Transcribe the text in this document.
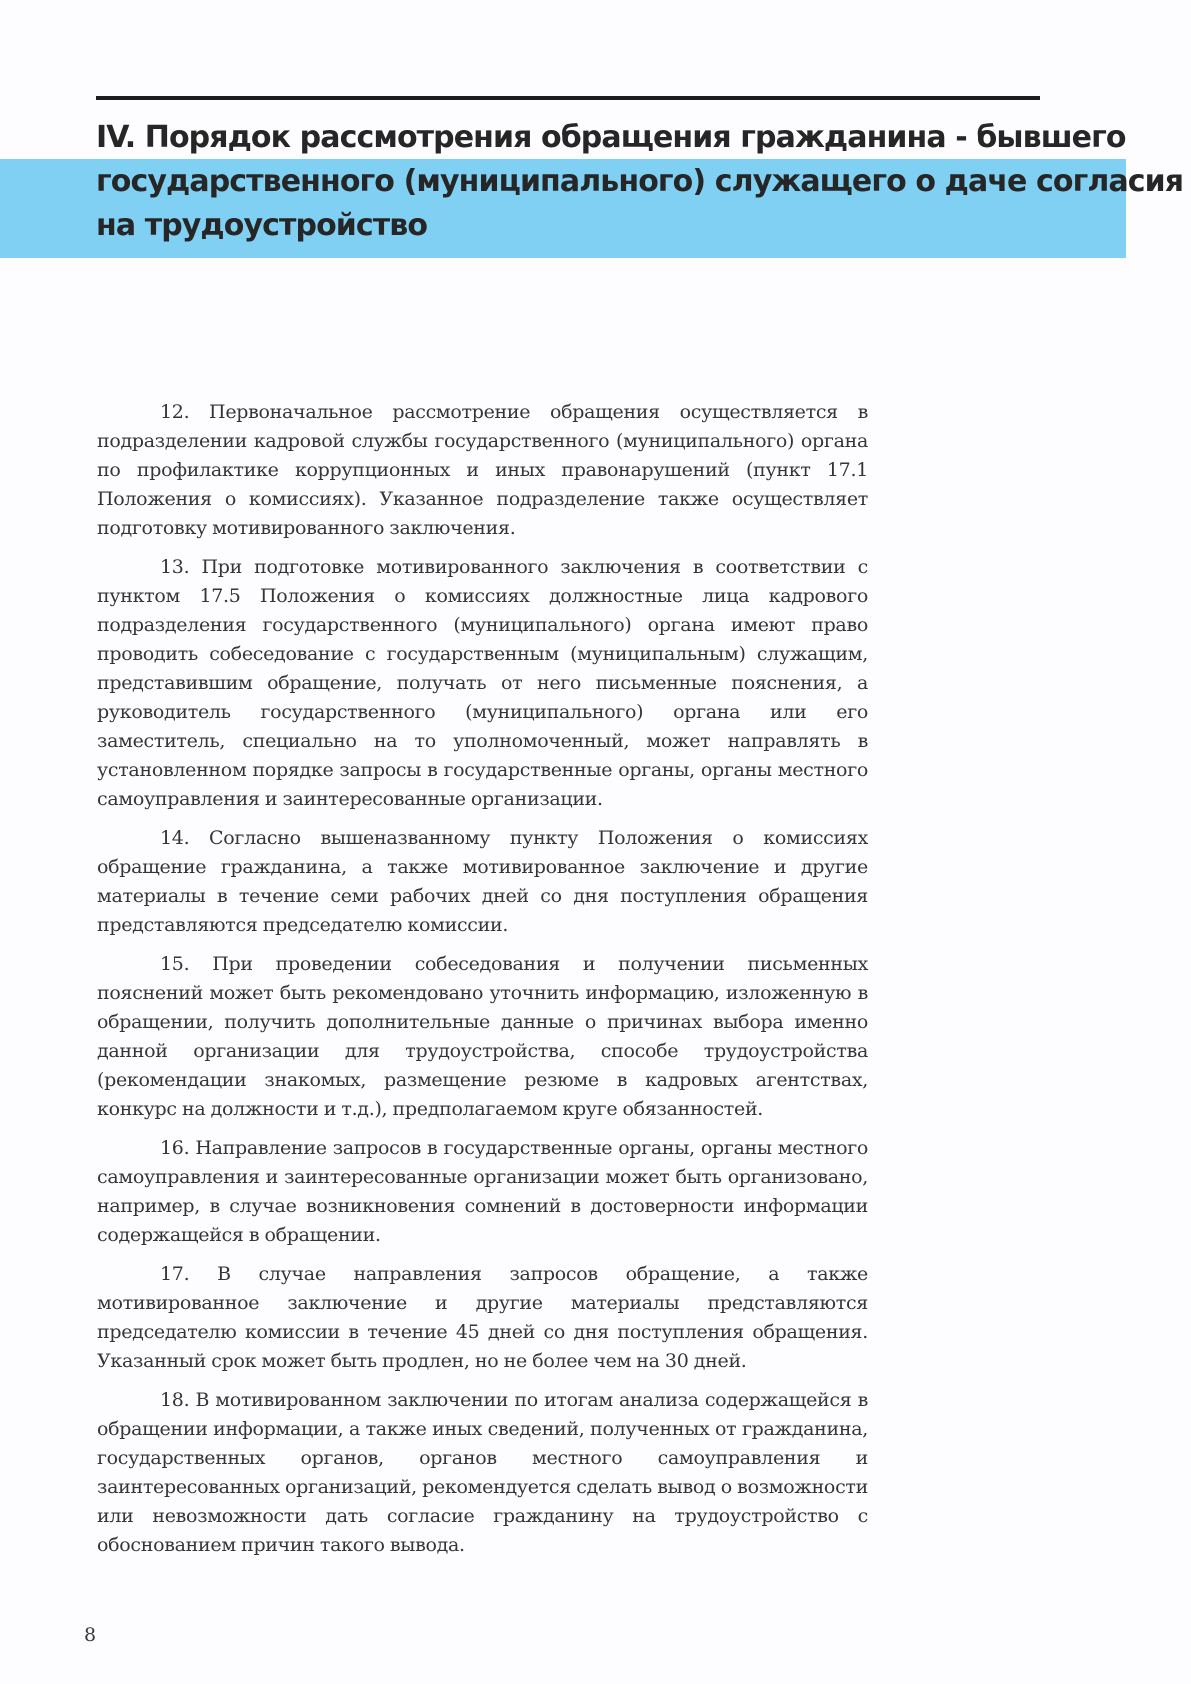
IV. Порядок рассмотрения обращения гражданина - бывшего
государственного (муниципального) служащего о даче согласия
на трудоустройство

12. Первоначальное рассмотрение обращения осуществляется в подразделении кадровой службы государственного (муниципального) органа по профилактике коррупционных и иных правонарушений (пункт 17.1 Положения о комиссиях). Указанное подразделение также осуществляет подготовку мотивированного заключения.

13. При подготовке мотивированного заключения в соответствии с пунктом 17.5 Положения о комиссиях должностные лица кадрового подразделения государственного (муниципального) органа имеют право проводить собеседование с государственным (муниципальным) служащим, представившим обращение, получать от него письменные пояснения, а руководитель государственного (муниципального) органа или его заместитель, специально на то уполномоченный, может направлять в установленном порядке запросы в государственные органы, органы местного самоуправления и заинтересованные организации.

14. Согласно вышеназванному пункту Положения о комиссиях обращение гражданина, а также мотивированное заключение и другие материалы в течение семи рабочих дней со дня поступления обращения представляются председателю комиссии.

15. При проведении собеседования и получении письменных пояснений может быть рекомендовано уточнить информацию, изложенную в обращении, получить дополнительные данные о причинах выбора именно данной организации для трудоустройства, способе трудоустройства (рекомендации знакомых, размещение резюме в кадровых агентствах, конкурс на должности и т.д.), предполагаемом круге обязанностей.

16. Направление запросов в государственные органы, органы местного самоуправления и заинтересованные организации может быть организовано, например, в случае возникновения сомнений в достоверности информации содержащейся в обращении.

17. В случае направления запросов обращение, а также мотивированное заключение и другие материалы представляются председателю комиссии в течение 45 дней со дня поступления обращения. Указанный срок может быть продлен, но не более чем на 30 дней.

18. В мотивированном заключении по итогам анализа содержащейся в обращении информации, а также иных сведений, полученных от гражданина, государственных органов, органов местного самоуправления и заинтересованных организаций, рекомендуется сделать вывод о возможности или невозможности дать согласие гражданину на трудоустройство с обоснованием причин такого вывода.

8
